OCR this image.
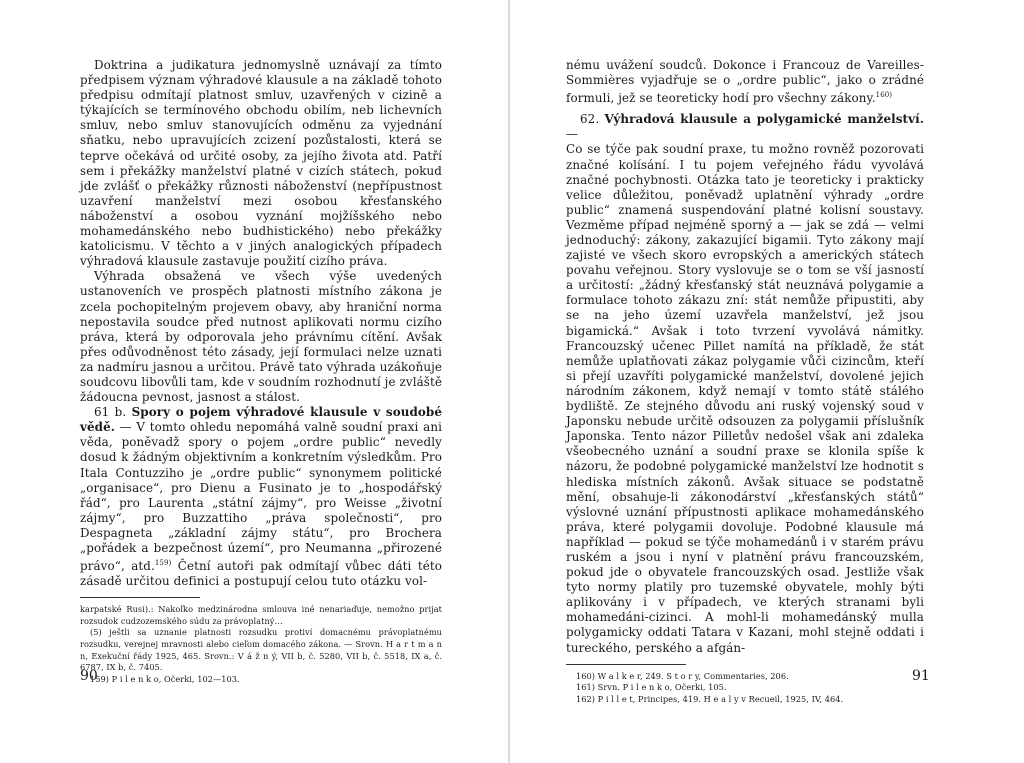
Doktrina a judikatura jednomyslně uznávají za tímto předpisem význam výhradové klausule a na základě tohoto předpisu odmítají platnost smluv, uzavřených v cizině a týkajících se termínového obchodu obilím, neb lichevních smluv, nebo smluv stanovujících odměnu za vyjednání sňatku, nebo upravujících zcizení pozůstalosti, která se teprve očekává od určité osoby, za jejího života atd. Patří sem i překážky manželství platné v cizích státech, pokud jde zvlášť o překážky různosti náboženství (nepřípustnost uzavření manželství mezi osobou křesťanského náboženství a osobou vyznání mojžíšského nebo mohamedánského nebo budhistického) nebo překážky katolicismu. V těchto a v jiných analogických případech výhradová klausule zastavuje použití cizího práva.

Výhrada obsažená ve všech výše uvedených ustanoveních ve prospěch platnosti místního zákona je zcela pochopitelným projevem obavy, aby hraniční norma nepostavila soudce před nutnost aplikovati normu cizího práva, která by odporovala jeho právnímu cítění. Avšak přes odůvodněnost této zásady, její formulaci nelze uznati za nadmíru jasnou a určitou. Právě tato výhrada uzákoňuje soudcovu libovůli tam, kde v soudním rozhodnutí je zvláště žádoucna pevnost, jasnost a stálost.

61 b. Spory o pojem výhradové klausule v soudobé vědě. — V tomto ohledu nepomáhá valně soudní praxi ani věda, poněvadž spory o pojem „ordre public“ nevedly dosud k žádným objektivním a konkretním výsledkům. Pro Itala Contuzziho je „ordre public“ synonymem politické „organisace“, pro Dienu a Fusinato je to „hospodářský řád“, pro Laurenta „státní zájmy“, pro Weisse „životní zájmy“, pro Buzzattiho „práva společnosti“, pro Despagneta „základní zájmy státu“, pro Brochera „pořádek a bezpečnost území“, pro Neumanna „přirozené právo“, atd.$^{159)}$ Četní autoři pak odmítají vůbec dáti této zásadě určitou definici a postupují celou tuto otázku vol-

karpatské Rusi).: Nakoľko medzinárodna smlouva iné nenariaďuje, nemožno prijat rozsudok cudzozemského súdu za právoplatný…

(5) ještli sa uznanie platnosti rozsudku protiví domacnému právoplatnému rozsudku, verejnej mravnosti alebo cieľom domacého zákona. — Srovn. H a r t m a n n, Exekuční řády 1925, 465. Srovn.: V á ž n ý, VII b, č. 5280, VII b, č. 5518, IX a, č. 6787, IX b, č. 7405.

159) P i l e n k o, Očerki, 102—103.

90

nému uvážení soudců. Dokonce i Francouz de Vareilles-Sommières vyjadřuje se o „ordre public“, jako o zrádné formuli, jež se teoreticky hodí pro všechny zákony.$^{160)}$

62. Výhradová klausule a polygamické manželství. —

Co se týče pak soudní praxe, tu možno rovněž pozorovati značné kolísání. I tu pojem veřejného řádu vyvolává značné pochybnosti. Otázka tato je teoreticky i prakticky velice důležitou, poněvadž uplatnění výhrady „ordre public“ znamená suspendování platné kolisní soustavy. Vezměme případ nejméně sporný a — jak se zdá — velmi jednoduchý: zákony, zakazující bigamii. Tyto zákony mají zajisté ve všech skoro evropských a amerických státech povahu veřejnou. Story vyslovuje se o tom se vší jasností a určitostí: „žádný křesťanský stát neuznává polygamie a formulace tohoto zákazu zní: stát nemůže připustiti, aby se na jeho území uzavřela manželství, jež jsou bigamická.“ Avšak i toto tvrzení vyvolává námitky. Francouzský učenec Pillet namítá na příkladě, že stát nemůže uplatňovati zákaz polygamie vůči cizincům, kteří si přejí uzavříti polygamické manželství, dovolené jejich národním zákonem, když nemají v tomto státě stálého bydliště. Ze stejného důvodu ani ruský vojenský soud v Japonsku nebude určitě odsouzen za polygamii příslušník Japonska. Tento názor Pilletův nedošel však ani zdaleka všeobecného uznání a soudní praxe se klonila spíše k názoru, že podobné polygamické manželství lze hodnotit s hlediska místních zákonů. Avšak situace se podstatně mění, obsahuje-li zákonodárství „křesťanských států“ výslovné uznání přípustnosti aplikace mohamedánského práva, které polygamii dovoluje. Podobné klausule má například — pokud se týče mohamedánů i v starém právu ruském a jsou i nyní v platnění právu francouzském, pokud jde o obyvatele francouzských osad. Jestliže však tyto normy platily pro tuzemské obyvatele, mohly býti aplikovány i v případech, ve kterých stranami byli mohamedáni-cizinci. A mohl-li mohamedánský mulla polygamicky oddati Tatara v Kazani, mohl stejně oddati i tureckého, perského a afgán-

160) W a l k e r, 249. S t o r y, Commentaries, 206.

161) Srvn. P i l e n k o, Očerki, 105.

162) P i l l e t, Principes, 419. H e a l y v Recueil, 1925, IV, 464.

91
